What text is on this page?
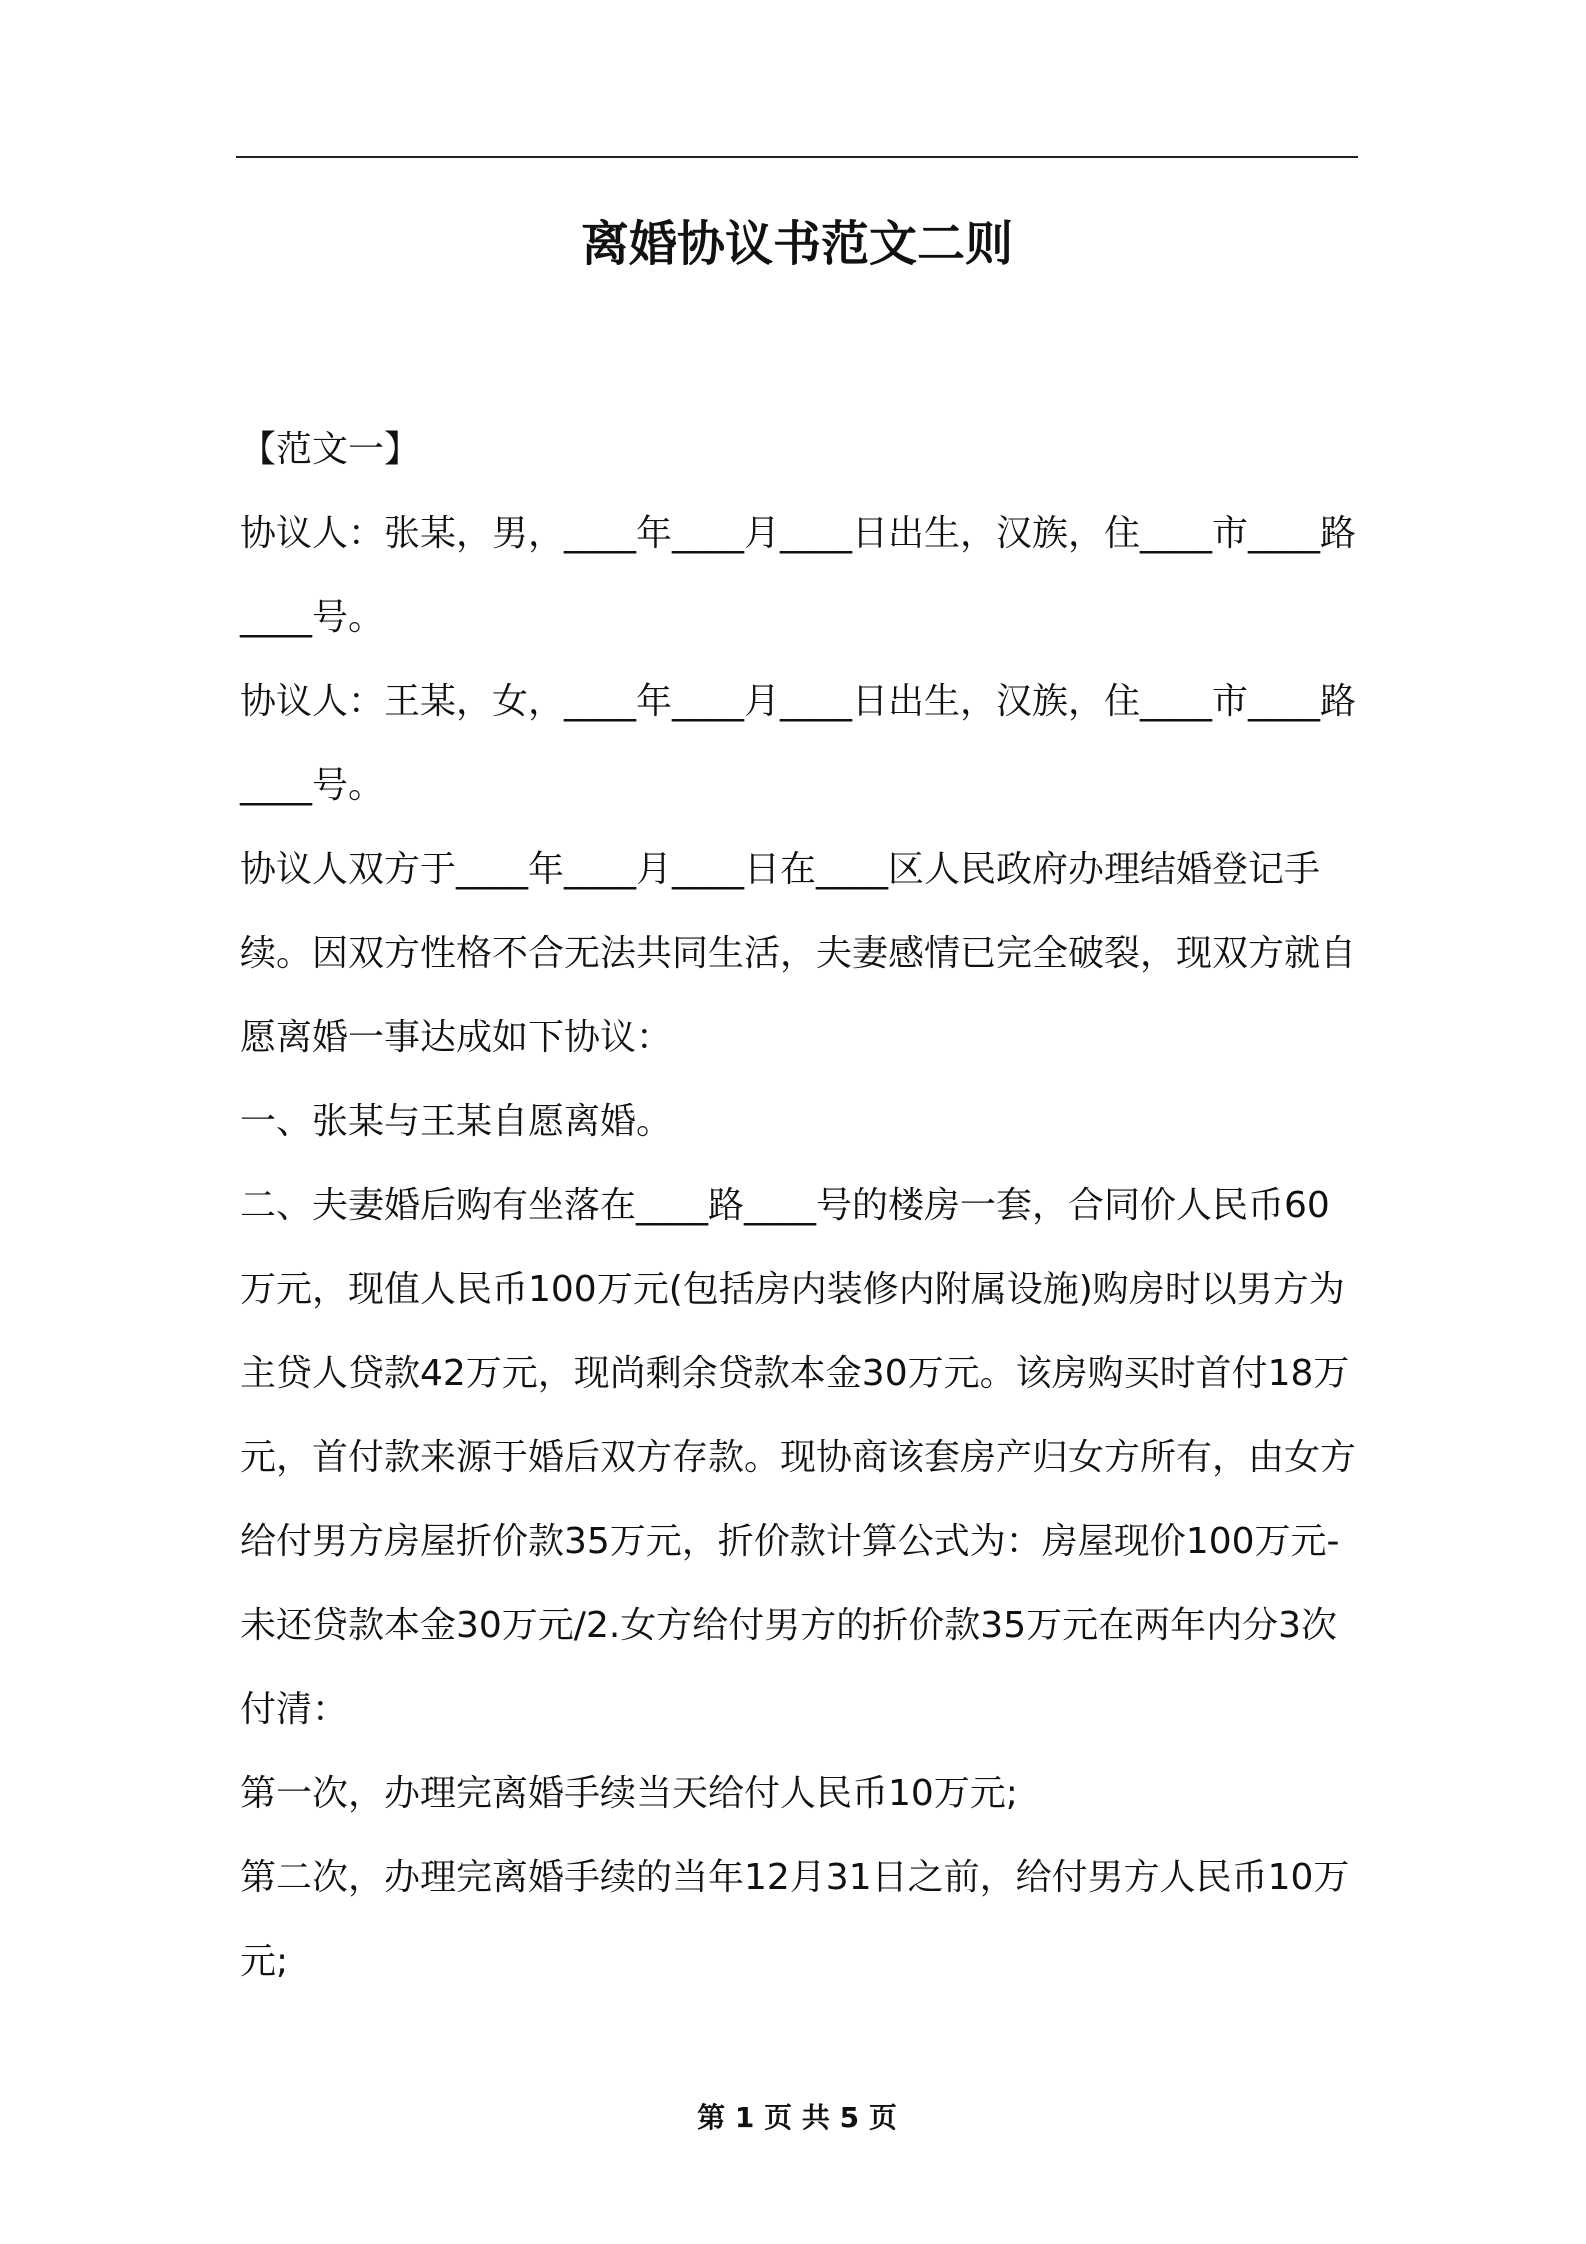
离婚协议书范文二则

【范文一】

协议人：张某，男，____年____月____日出生，汉族，住____市____路____号。

协议人：王某，女，____年____月____日出生，汉族，住____市____路____号。

协议人双方于____年____月____日在____区人民政府办理结婚登记手续。因双方性格不合无法共同生活，夫妻感情已完全破裂，现双方就自愿离婚一事达成如下协议：

一、张某与王某自愿离婚。

二、夫妻婚后购有坐落在____路____号的楼房一套，合同价人民币60万元，现值人民币100万元(包括房内装修内附属设施)购房时以男方为主贷人贷款42万元，现尚剩余贷款本金30万元。该房购买时首付18万元，首付款来源于婚后双方存款。现协商该套房产归女方所有，由女方给付男方房屋折价款35万元，折价款计算公式为：房屋现价100万元-未还贷款本金30万元/2.女方给付男方的折价款35万元在两年内分3次付清：

第一次，办理完离婚手续当天给付人民币10万元;

第二次，办理完离婚手续的当年12月31日之前，给付男方人民币10万元;

第 1 页 共 5 页
